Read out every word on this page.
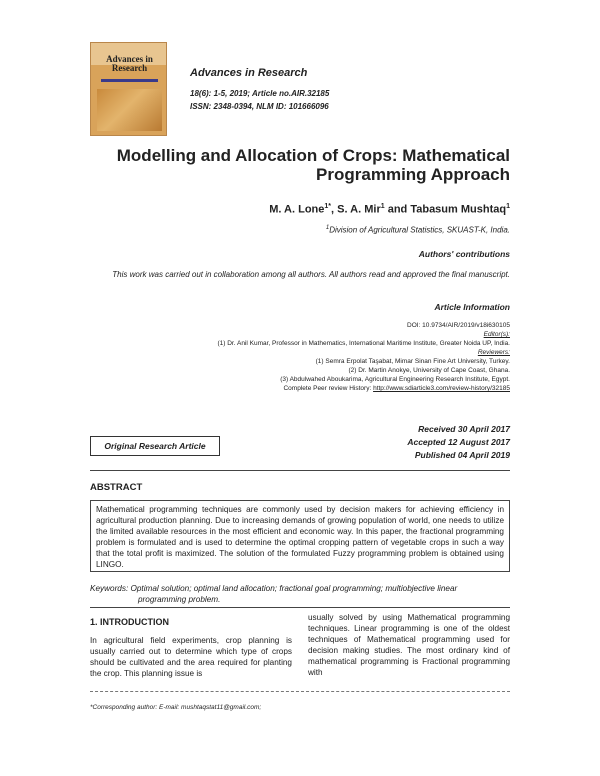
Advances in Research	Advances in Research
18(6): 1-5, 2019; Article no.AIR.32185
ISSN: 2348-0394, NLM ID: 101666096
Modelling and Allocation of Crops: Mathematical
Programming Approach
M. A. Lone$^{1*}$, S. A. Mir$^1$ and Tabasum Mushtaq$^1$
$^1$Division of Agricultural Statistics, SKUAST-K, India.
Authors' contributions
This work was carried out in collaboration among all authors. All authors read and approved the final manuscript.
Article Information
DOI: 10.9734/AIR/2019/v18i630105
Editor(s):
(1) Dr. Anil Kumar, Professor in Mathematics, International Maritime Institute, Greater Noida UP, India.
Reviewers:
(1) Semra Erpolat Taşabat, Mimar Sinan Fine Art University, Turkey.
(2) Dr. Martin Anokye, University of Cape Coast, Ghana.
(3) Abdulwahed Aboukarima, Agricultural Engineering Research Institute, Egypt.
Complete Peer review History: http://www.sdiarticle3.com/review-history/32185
Original Research Article
Received 30 April 2017
Accepted 12 August 2017
Published 04 April 2019
ABSTRACT
Mathematical programming techniques are commonly used by decision makers for achieving efficiency in agricultural production planning. Due to increasing demands of growing population of world, one needs to utilize the limited available resources in the most efficient and economic way. In this paper, the fractional programming problem is formulated and is used to determine the optimal cropping pattern of vegetable crops in such a way that the total profit is maximized. The solution of the formulated Fuzzy programming problem is obtained using LINGO.
Keywords: Optimal solution; optimal land allocation; fractional goal programming; multiobjective linear
programming problem.
1. INTRODUCTION
In agricultural field experiments, crop planning is usually carried out to determine which type of crops should be cultivated and the area required for planting the crop. This planning issue is
usually solved by using Mathematical programming techniques. Linear programming is one of the oldest techniques of Mathematical programming used for decision making studies. The most ordinary kind of mathematical programming is Fractional programming with
*Corresponding author: E-mail: mushtaqstat11@gmail.com;
